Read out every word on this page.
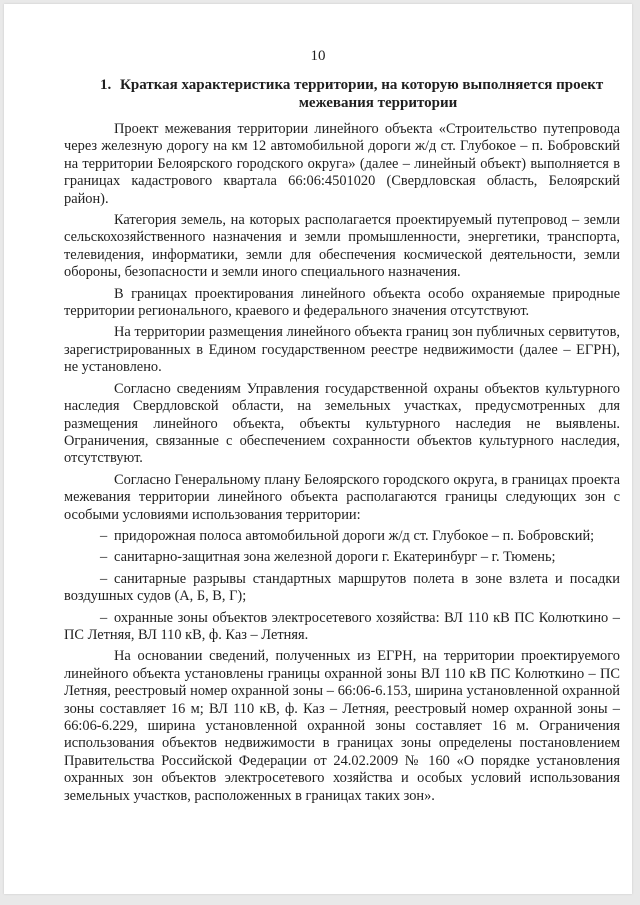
10
1. Краткая характеристика территории, на которую выполняется проект
межевания территории

Проект межевания территории линейного объекта «Строительство путепровода через железную дорогу на км 12 автомобильной дороги ж/д ст. Глубокое – п. Бобровский на территории Белоярского городского округа» (далее – линейный объект) выполняется в границах кадастрового квартала 66:06:4501020 (Свердловская область, Белоярский район).

Категория земель, на которых располагается проектируемый путепровод – земли сельскохозяйственного назначения и земли промышленности, энергетики, транспорта, телевидения, информатики, земли для обеспечения космической деятельности, земли обороны, безопасности и земли иного специального назначения.

В границах проектирования линейного объекта особо охраняемые природные территории регионального, краевого и федерального значения отсутствуют.

На территории размещения линейного объекта границ зон публичных сервитутов, зарегистрированных в Едином государственном реестре недвижимости (далее – ЕГРН), не установлено.

Согласно сведениям Управления государственной охраны объектов культурного наследия Свердловской области, на земельных участках, предусмотренных для размещения линейного объекта, объекты культурного наследия не выявлены. Ограничения, связанные с обеспечением сохранности объектов культурного наследия, отсутствуют.

Согласно Генеральному плану Белоярского городского округа, в границах проекта межевания территории линейного объекта располагаются границы следующих зон с особыми условиями использования территории:

– придорожная полоса автомобильной дороги ж/д ст. Глубокое – п. Бобровский;

– санитарно-защитная зона железной дороги г. Екатеринбург – г. Тюмень;

– санитарные разрывы стандартных маршрутов полета в зоне взлета и посадки воздушных судов (А, Б, В, Г);

– охранные зоны объектов электросетевого хозяйства: ВЛ 110 кВ ПС Колюткино – ПС Летняя, ВЛ 110 кВ, ф. Каз – Летняя.

На основании сведений, полученных из ЕГРН, на территории проектируемого линейного объекта установлены границы охранной зоны ВЛ 110 кВ ПС Колюткино – ПС Летняя, реестровый номер охранной зоны – 66:06-6.153, ширина установленной охранной зоны составляет 16 м; ВЛ 110 кВ, ф. Каз – Летняя, реестровый номер охранной зоны – 66:06-6.229, ширина установленной охранной зоны составляет 16 м. Ограничения использования объектов недвижимости в границах зоны определены постановлением Правительства Российской Федерации от 24.02.2009 № 160 «О порядке установления охранных зон объектов электросетевого хозяйства и особых условий использования земельных участков, расположенных в границах таких зон».
